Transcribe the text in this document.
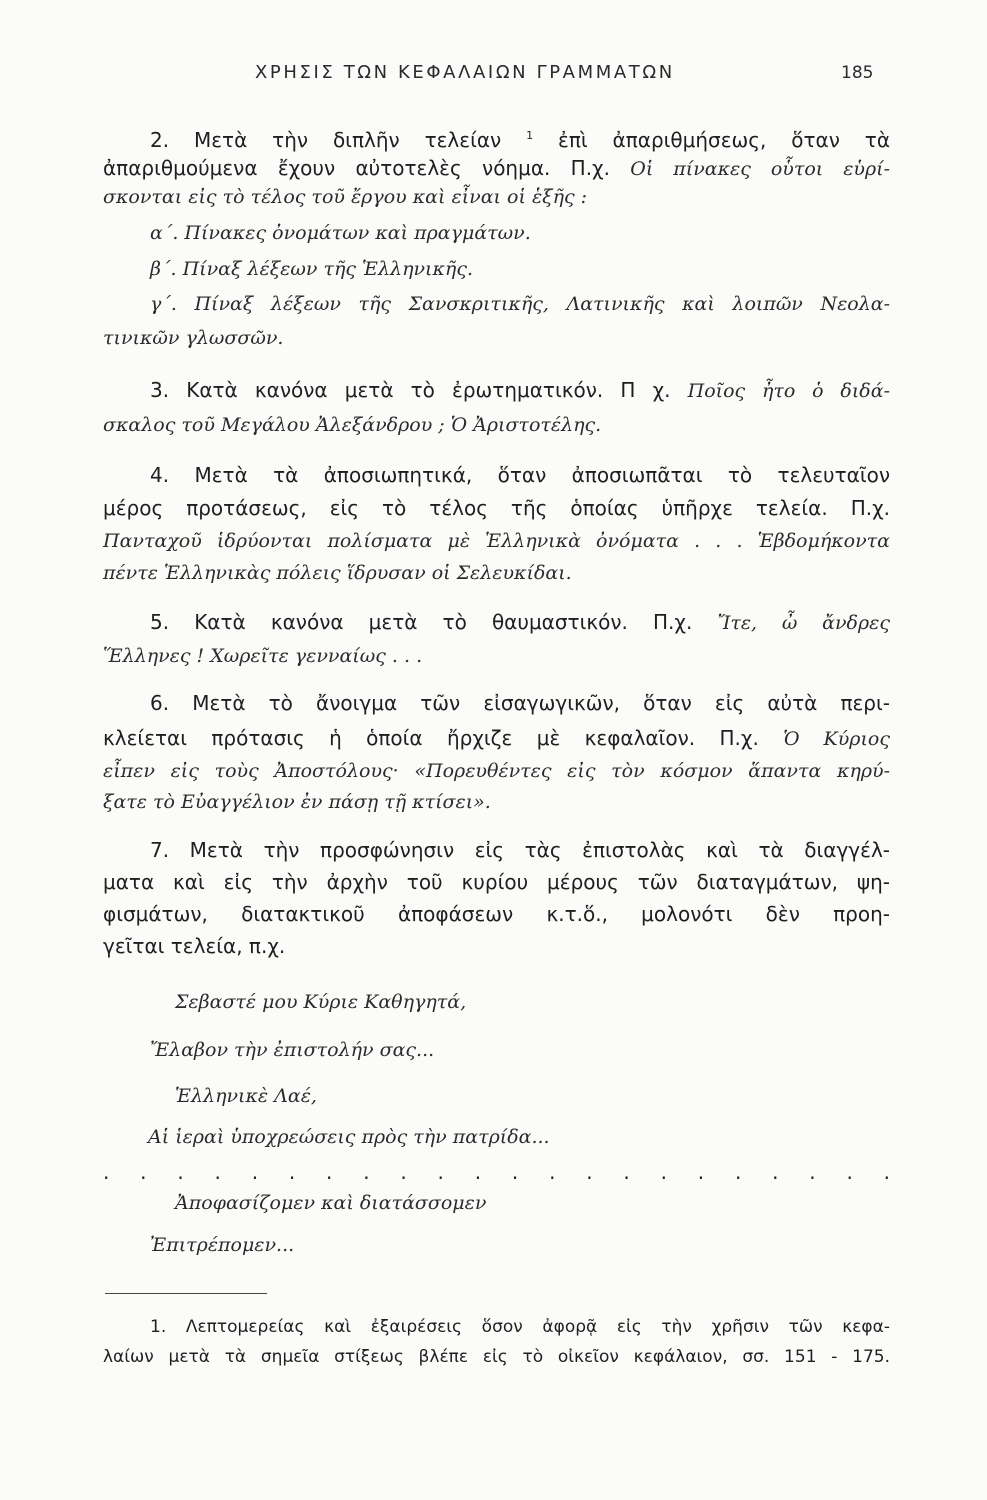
ΧΡΗΣΙΣ ΤΩΝ ΚΕΦΑΛΑΙΩΝ ΓΡΑΜΜΑΤΩΝ	185
2. Μετὰ τὴν διπλῆν τελείαν $^1$ ἐπὶ ἀπαριθμήσεως, ὅταν τὰ
ἀπαριθμούμενα ἔχουν αὐτοτελὲς νόημα. Π.χ. Οἱ πίνακες οὗτοι εὑρί-
σκονται εἰς τὸ τέλος τοῦ ἔργου καὶ εἶναι οἱ ἑξῆς :
α΄. Πίνακες ὀνομάτων καὶ πραγμάτων.
β΄. Πίναξ λέξεων τῆς Ἑλληνικῆς.
γ΄. Πίναξ λέξεων τῆς Σανσκριτικῆς, Λατινικῆς καὶ λοιπῶν Νεολα-
τινικῶν γλωσσῶν.
3. Κατὰ κανόνα μετὰ τὸ ἐρωτηματικόν. Π χ. Ποῖος ἦτο ὁ διδά-
σκαλος τοῦ Μεγάλου Ἀλεξάνδρου ; Ὁ Ἀριστοτέλης.
4. Μετὰ τὰ ἀποσιωπητικά, ὅταν ἀποσιωπᾶται τὸ τελευταῖον
μέρος προτάσεως, εἰς τὸ τέλος τῆς ὁποίας ὑπῆρχε τελεία. Π.χ.
Πανταχοῦ ἱδρύονται πολίσματα μὲ Ἑλληνικὰ ὀνόματα . . . Ἑβδομήκοντα
πέντε Ἑλληνικὰς πόλεις ἵδρυσαν οἱ Σελευκίδαι.
5. Κατὰ κανόνα μετὰ τὸ θαυμαστικόν. Π.χ. Ἴτε, ὦ ἄνδρες
Ἕλληνες ! Χωρεῖτε γενναίως . . .
6. Μετὰ τὸ ἄνοιγμα τῶν εἰσαγωγικῶν, ὅταν εἰς αὐτὰ περι-
κλείεται πρότασις ἡ ὁποία ἤρχιζε μὲ κεφαλαῖον. Π.χ. Ὁ Κύριος
εἶπεν εἰς τοὺς Ἀποστόλους· «Πορευθέντες εἰς τὸν κόσμον ἅπαντα κηρύ-
ξατε τὸ Εὐαγγέλιον ἐν πάσῃ τῇ κτίσει».
7. Μετὰ τὴν προσφώνησιν εἰς τὰς ἐπιστολὰς καὶ τὰ διαγγέλ-
ματα καὶ εἰς τὴν ἀρχὴν τοῦ κυρίου μέρους τῶν διαταγμάτων, ψη-
φισμάτων, διατακτικοῦ ἀποφάσεων κ.τ.ὅ., μολονότι δὲν προη-
γεῖται τελεία, π.χ.
Σεβαστέ μου Κύριε Καθηγητά,
Ἔλαβον τὴν ἐπιστολήν σας...
Ἑλληνικὲ Λαέ,
Αἱ ἱεραὶ ὑποχρεώσεις πρὸς τὴν πατρίδα...
. . . . . . . . . . . . . . . . . . . . . .
Ἀποφασίζομεν καὶ διατάσσομεν
Ἐπιτρέπομεν...
1. Λεπτομερείας καὶ ἐξαιρέσεις ὅσον ἀφορᾷ εἰς τὴν χρῆσιν τῶν κεφα-
λαίων μετὰ τὰ σημεῖα στίξεως βλέπε εἰς τὸ οἰκεῖον κεφάλαιον, σσ. 151 - 175.
